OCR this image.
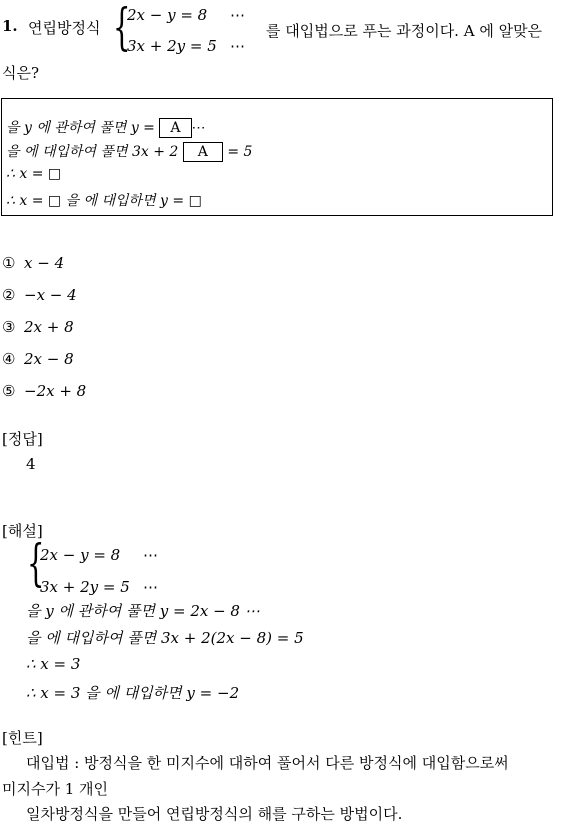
1. 연립방정식 {
2x − y = 8 ⋯
3x + 2y = 5 ⋯
를 대입법으로 푸는 과정이다. A 에 알맞은
식은?
을 y 에 관하여 풀면 y = A ⋯
을 에 대입하여 풀면 3x + 2 A = 5
∴ x = □
∴ x = □ 을 에 대입하면 y = □
① x − 4
② −x − 4
③ 2x + 8
④ 2x − 8
⑤ −2x + 8
[정답]
4
[해설]
{
2x − y = 8 ⋯
3x + 2y = 5 ⋯
을 y 에 관하여 풀면 y = 2x − 8 ⋯
을 에 대입하여 풀면 3x + 2(2x − 8) = 5
∴ x = 3
∴ x = 3 을 에 대입하면 y = −2
[힌트]
대입법 : 방정식을 한 미지수에 대하여 풀어서 다른 방정식에 대입함으로써
미지수가 1 개인
일차방정식을 만들어 연립방정식의 해를 구하는 방법이다.
